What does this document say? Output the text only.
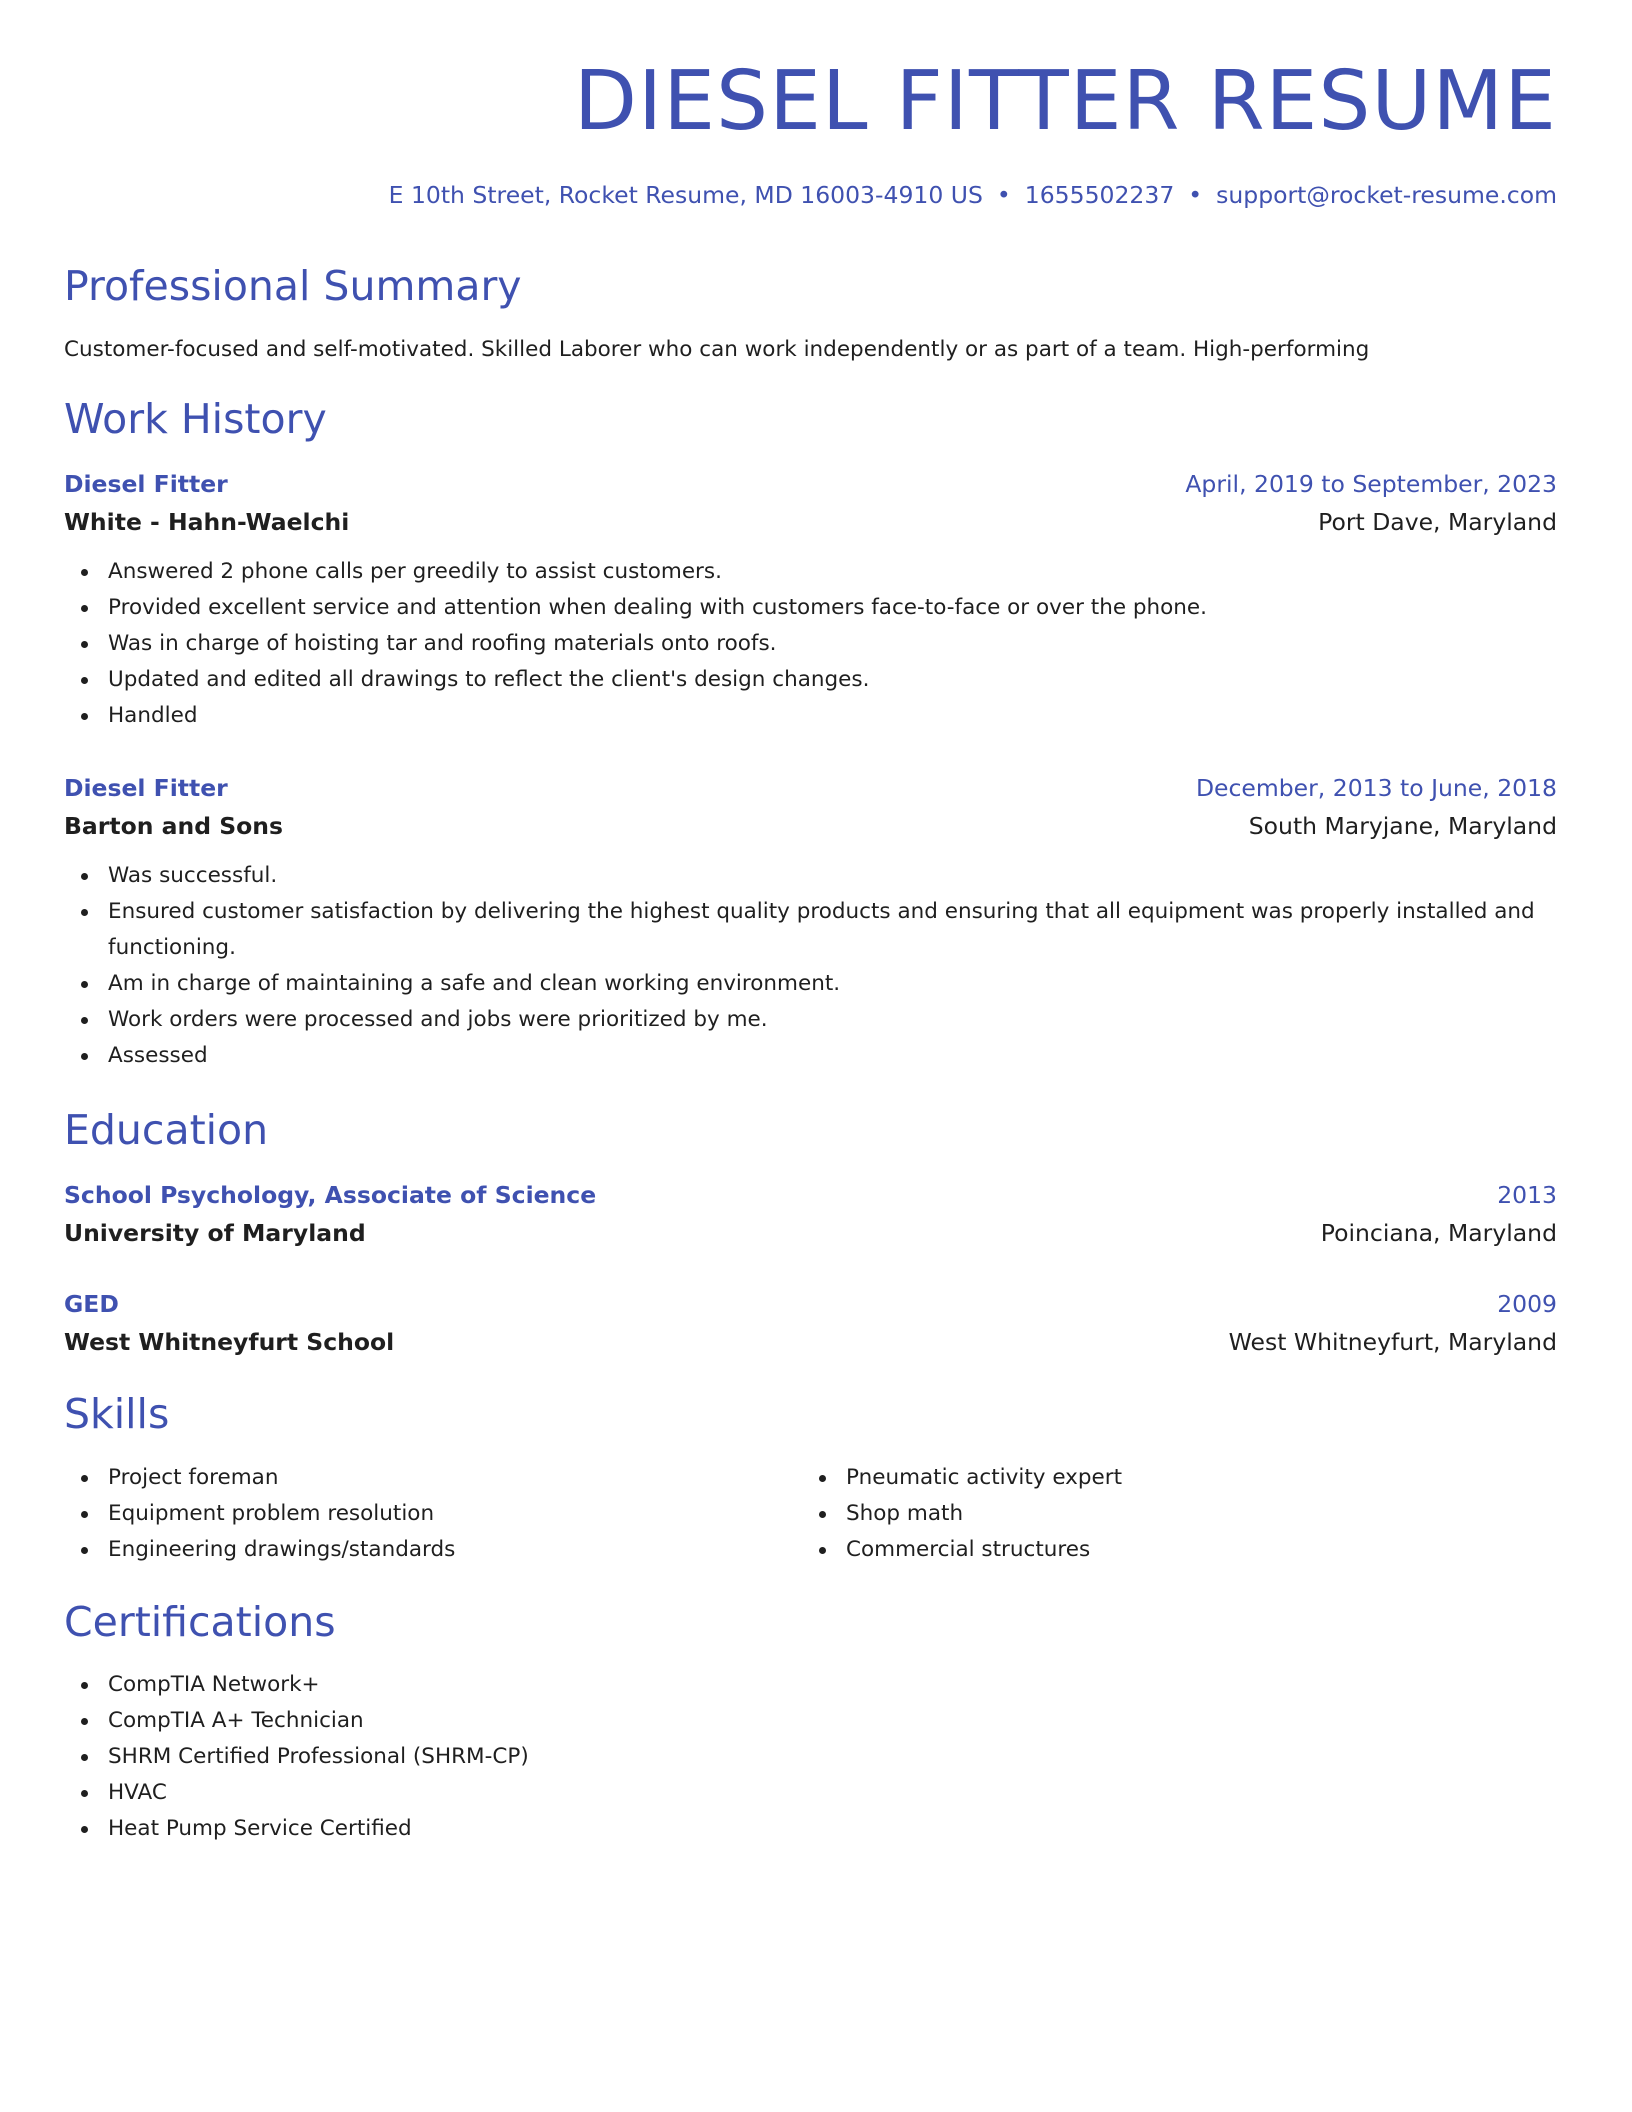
DIESEL FITTER RESUME
E 10th Street, Rocket Resume, MD 16003-4910 US • 1655502237 • support@rocket-resume.com
Professional Summary
Customer-focused and self-motivated. Skilled Laborer who can work independently or as part of a team. High-performing
Work History
Diesel Fitter	April, 2019 to September, 2023
White - Hahn-Waelchi	Port Dave, Maryland
Answered 2 phone calls per greedily to assist customers.
Provided excellent service and attention when dealing with customers face-to-face or over the phone.
Was in charge of hoisting tar and roofing materials onto roofs.
Updated and edited all drawings to reflect the client's design changes.
Handled
Diesel Fitter	December, 2013 to June, 2018
Barton and Sons	South Maryjane, Maryland
Was successful.
Ensured customer satisfaction by delivering the highest quality products and ensuring that all equipment was properly installed and functioning.
Am in charge of maintaining a safe and clean working environment.
Work orders were processed and jobs were prioritized by me.
Assessed
Education
School Psychology, Associate of Science	2013
University of Maryland	Poinciana, Maryland
GED	2009
West Whitneyfurt School	West Whitneyfurt, Maryland
Skills
Project foreman
Equipment problem resolution
Engineering drawings/standards
Pneumatic activity expert
Shop math
Commercial structures
Certifications
CompTIA Network+
CompTIA A+ Technician
SHRM Certified Professional (SHRM-CP)
HVAC
Heat Pump Service Certified
